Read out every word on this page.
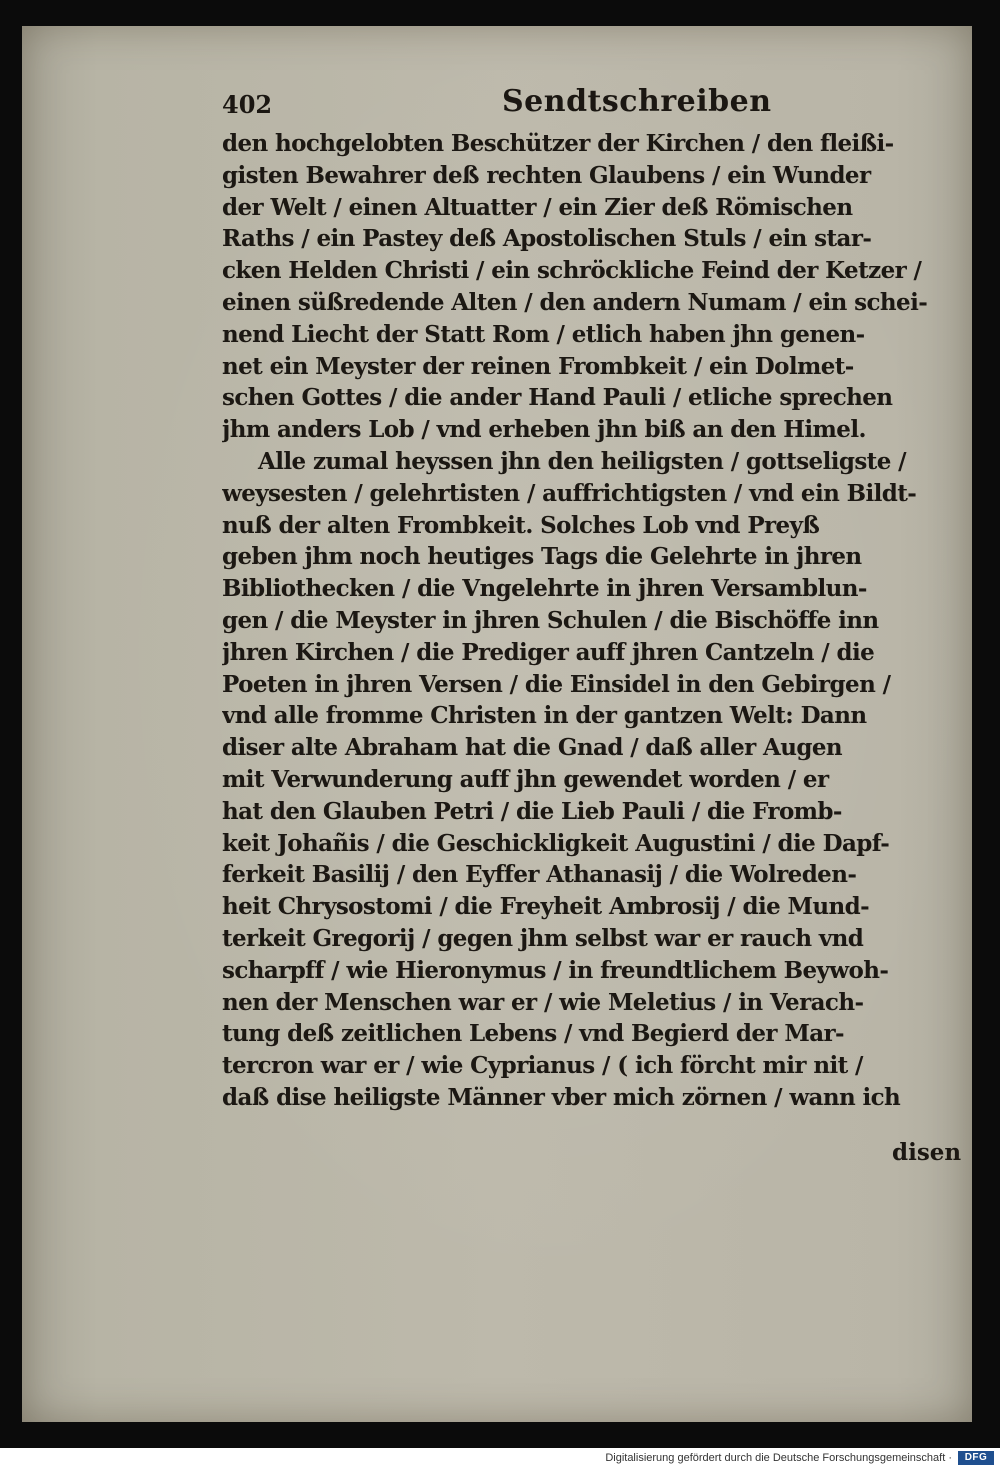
402	Sendtschreiben
den hochgelobten Beschützer der Kirchen / den fleißi-
gisten Bewahrer deß rechten Glaubens / ein Wunder
der Welt / einen Altuatter / ein Zier deß Römischen
Raths / ein Pastey deß Apostolischen Stuls / ein star-
cken Helden Christi / ein schröckliche Feind der Ketzer /
einen süßredende Alten / den andern Numam / ein schei-
nend Liecht der Statt Rom / etlich haben jhn genen-
net ein Meyster der reinen Frombkeit / ein Dolmet-
schen Gottes / die ander Hand Pauli / etliche sprechen
jhm anders Lob / vnd erheben jhn biß an den Himel.
Alle zumal heyssen jhn den heiligsten / gottseligste /
weysesten / gelehrtisten / auffrichtigsten / vnd ein Bildt-
nuß der alten Frombkeit. Solches Lob vnd Preyß
geben jhm noch heutiges Tags die Gelehrte in jhren
Bibliothecken / die Vngelehrte in jhren Versamblun-
gen / die Meyster in jhren Schulen / die Bischöffe inn
jhren Kirchen / die Prediger auff jhren Cantzeln / die
Poeten in jhren Versen / die Einsidel in den Gebirgen /
vnd alle fromme Christen in der gantzen Welt: Dann
diser alte Abraham hat die Gnad / daß aller Augen
mit Verwunderung auff jhn gewendet worden / er
hat den Glauben Petri / die Lieb Pauli / die Fromb-
keit Johañis / die Geschickligkeit Augustini / die Dapf-
ferkeit Basilij / den Eyffer Athanasij / die Wolreden-
heit Chrysostomi / die Freyheit Ambrosij / die Mund-
terkeit Gregorij / gegen jhm selbst war er rauch vnd
scharpff / wie Hieronymus / in freundtlichem Beywoh-
nen der Menschen war er / wie Meletius / in Verach-
tung deß zeitlichen Lebens / vnd Begierd der Mar-
tercron war er / wie Cyprianus / ( ich förcht mir nit /
daß dise heiligste Männer vber mich zörnen / wann ich
disen
Digitalisierung gefördert durch die Deutsche Forschungsgemeinschaft ·	DFG
